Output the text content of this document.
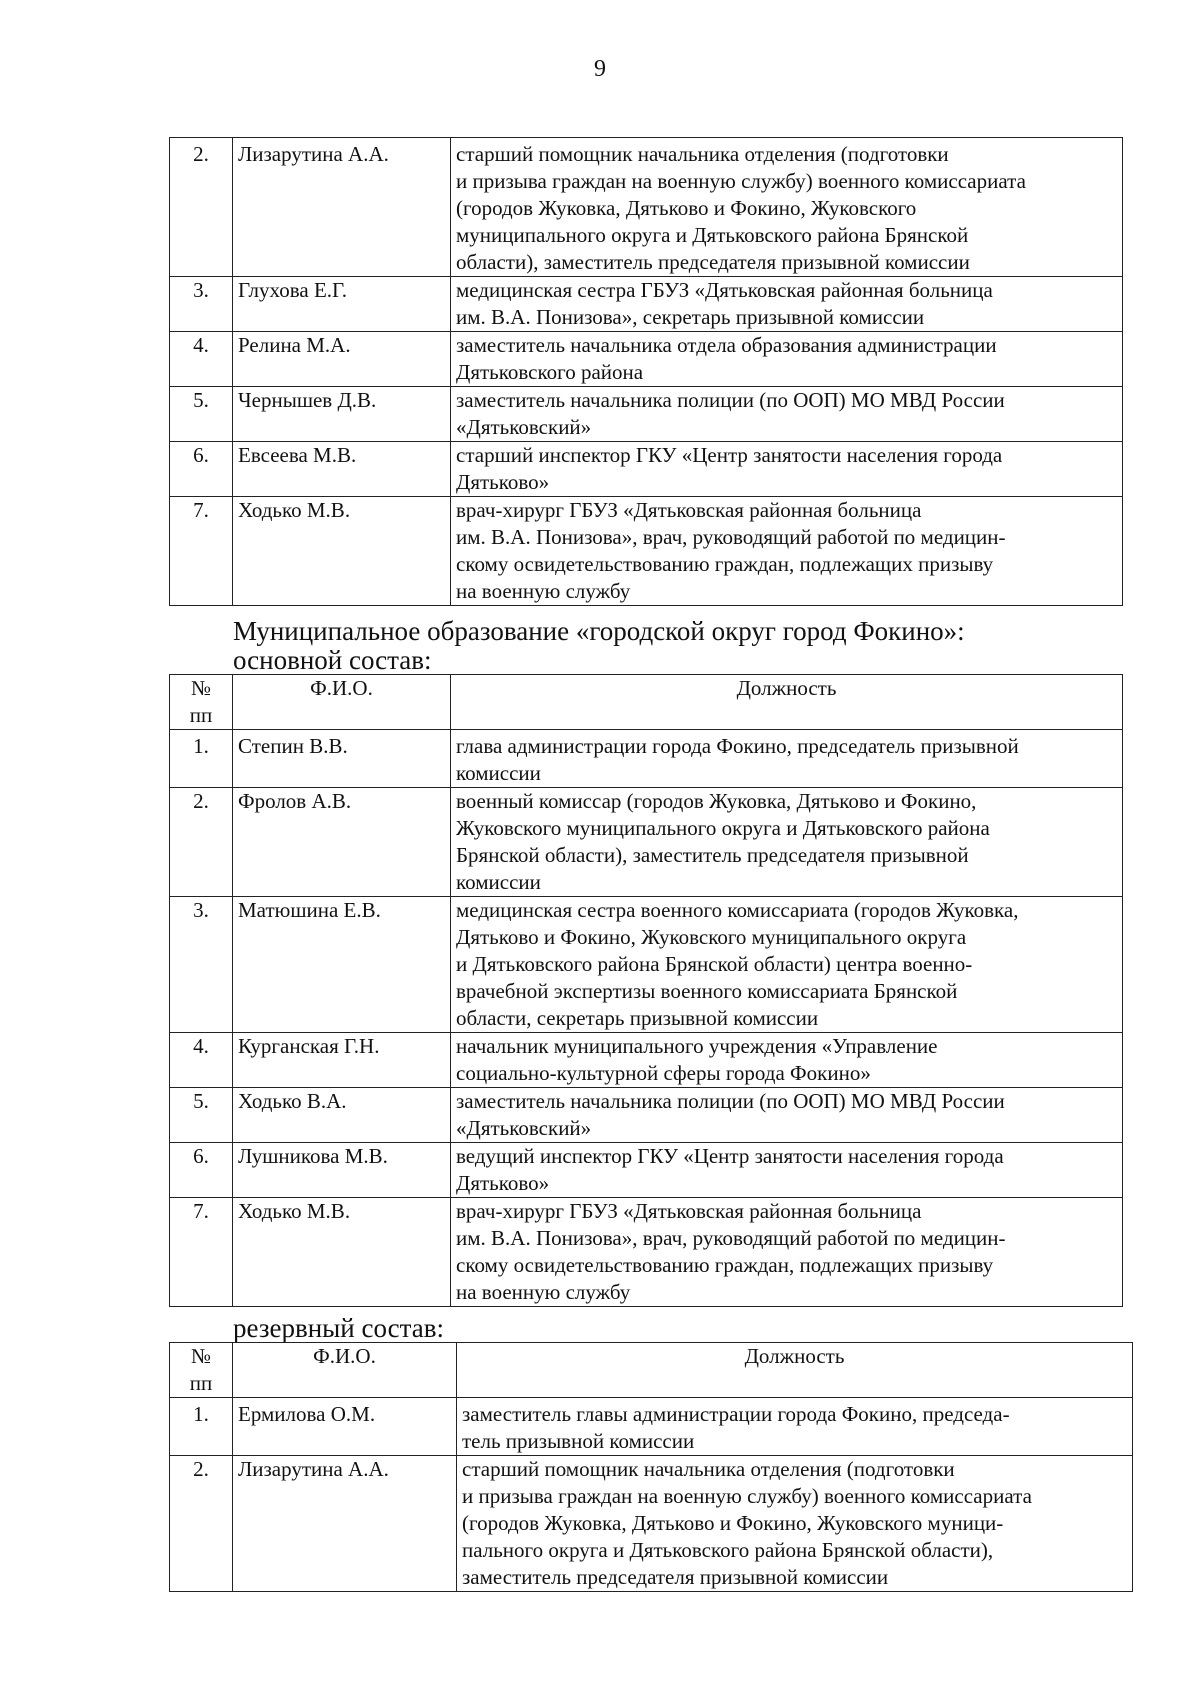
9
2.	Лизарутина А.А.	старший помощник начальника отделения (подготовки
и призыва граждан на военную службу) военного комиссариата
(городов Жуковка, Дятьково и Фокино, Жуковского
муниципального округа и Дятьковского района Брянской
области), заместитель председателя призывной комиссии

3.	Глухова Е.Г.	медицинская сестра ГБУЗ «Дятьковская районная больница
им. В.А. Понизова», секретарь призывной комиссии

4.	Релина М.А.	заместитель начальника отдела образования администрации
Дятьковского района

5.	Чернышев Д.В.	заместитель начальника полиции (по ООП) МО МВД России
«Дятьковский»

6.	Евсеева М.В.	старший инспектор ГКУ «Центр занятости населения города
Дятьково»

7.	Ходько М.В.	врач-хирург ГБУЗ «Дятьковская районная больница
им. В.А. Понизова», врач, руководящий работой по медицин-
скому освидетельствованию граждан, подлежащих призыву
на военную службу
Муниципальное образование «городской округ город Фокино»:
основной состав:
№
пп	Ф.И.О.	Должность
1.	Степин В.В.	глава администрации города Фокино, председатель призывной
комиссии

2.	Фролов А.В.	военный комиссар (городов Жуковка, Дятьково и Фокино,
Жуковского муниципального округа и Дятьковского района
Брянской области), заместитель председателя призывной
комиссии

3.	Матюшина Е.В.	медицинская сестра военного комиссариата (городов Жуковка,
Дятьково и Фокино, Жуковского муниципального округа
и Дятьковского района Брянской области) центра военно-
врачебной экспертизы военного комиссариата Брянской
области, секретарь призывной комиссии

4.	Курганская Г.Н.	начальник муниципального учреждения «Управление
социально-культурной сферы города Фокино»

5.	Ходько В.А.	заместитель начальника полиции (по ООП) МО МВД России
«Дятьковский»

6.	Лушникова М.В.	ведущий инспектор ГКУ «Центр занятости населения города
Дятьково»

7.	Ходько М.В.	врач-хирург ГБУЗ «Дятьковская районная больница
им. В.А. Понизова», врач, руководящий работой по медицин-
скому освидетельствованию граждан, подлежащих призыву
на военную службу
резервный состав:
№
пп	Ф.И.О.	Должность
1.	Ермилова О.М.	заместитель главы администрации города Фокино, председа-
тель призывной комиссии

2.	Лизарутина А.А.	старший помощник начальника отделения (подготовки
и призыва граждан на военную службу) военного комиссариата
(городов Жуковка, Дятьково и Фокино, Жуковского муници-
пального округа и Дятьковского района Брянской области),
заместитель председателя призывной комиссии
